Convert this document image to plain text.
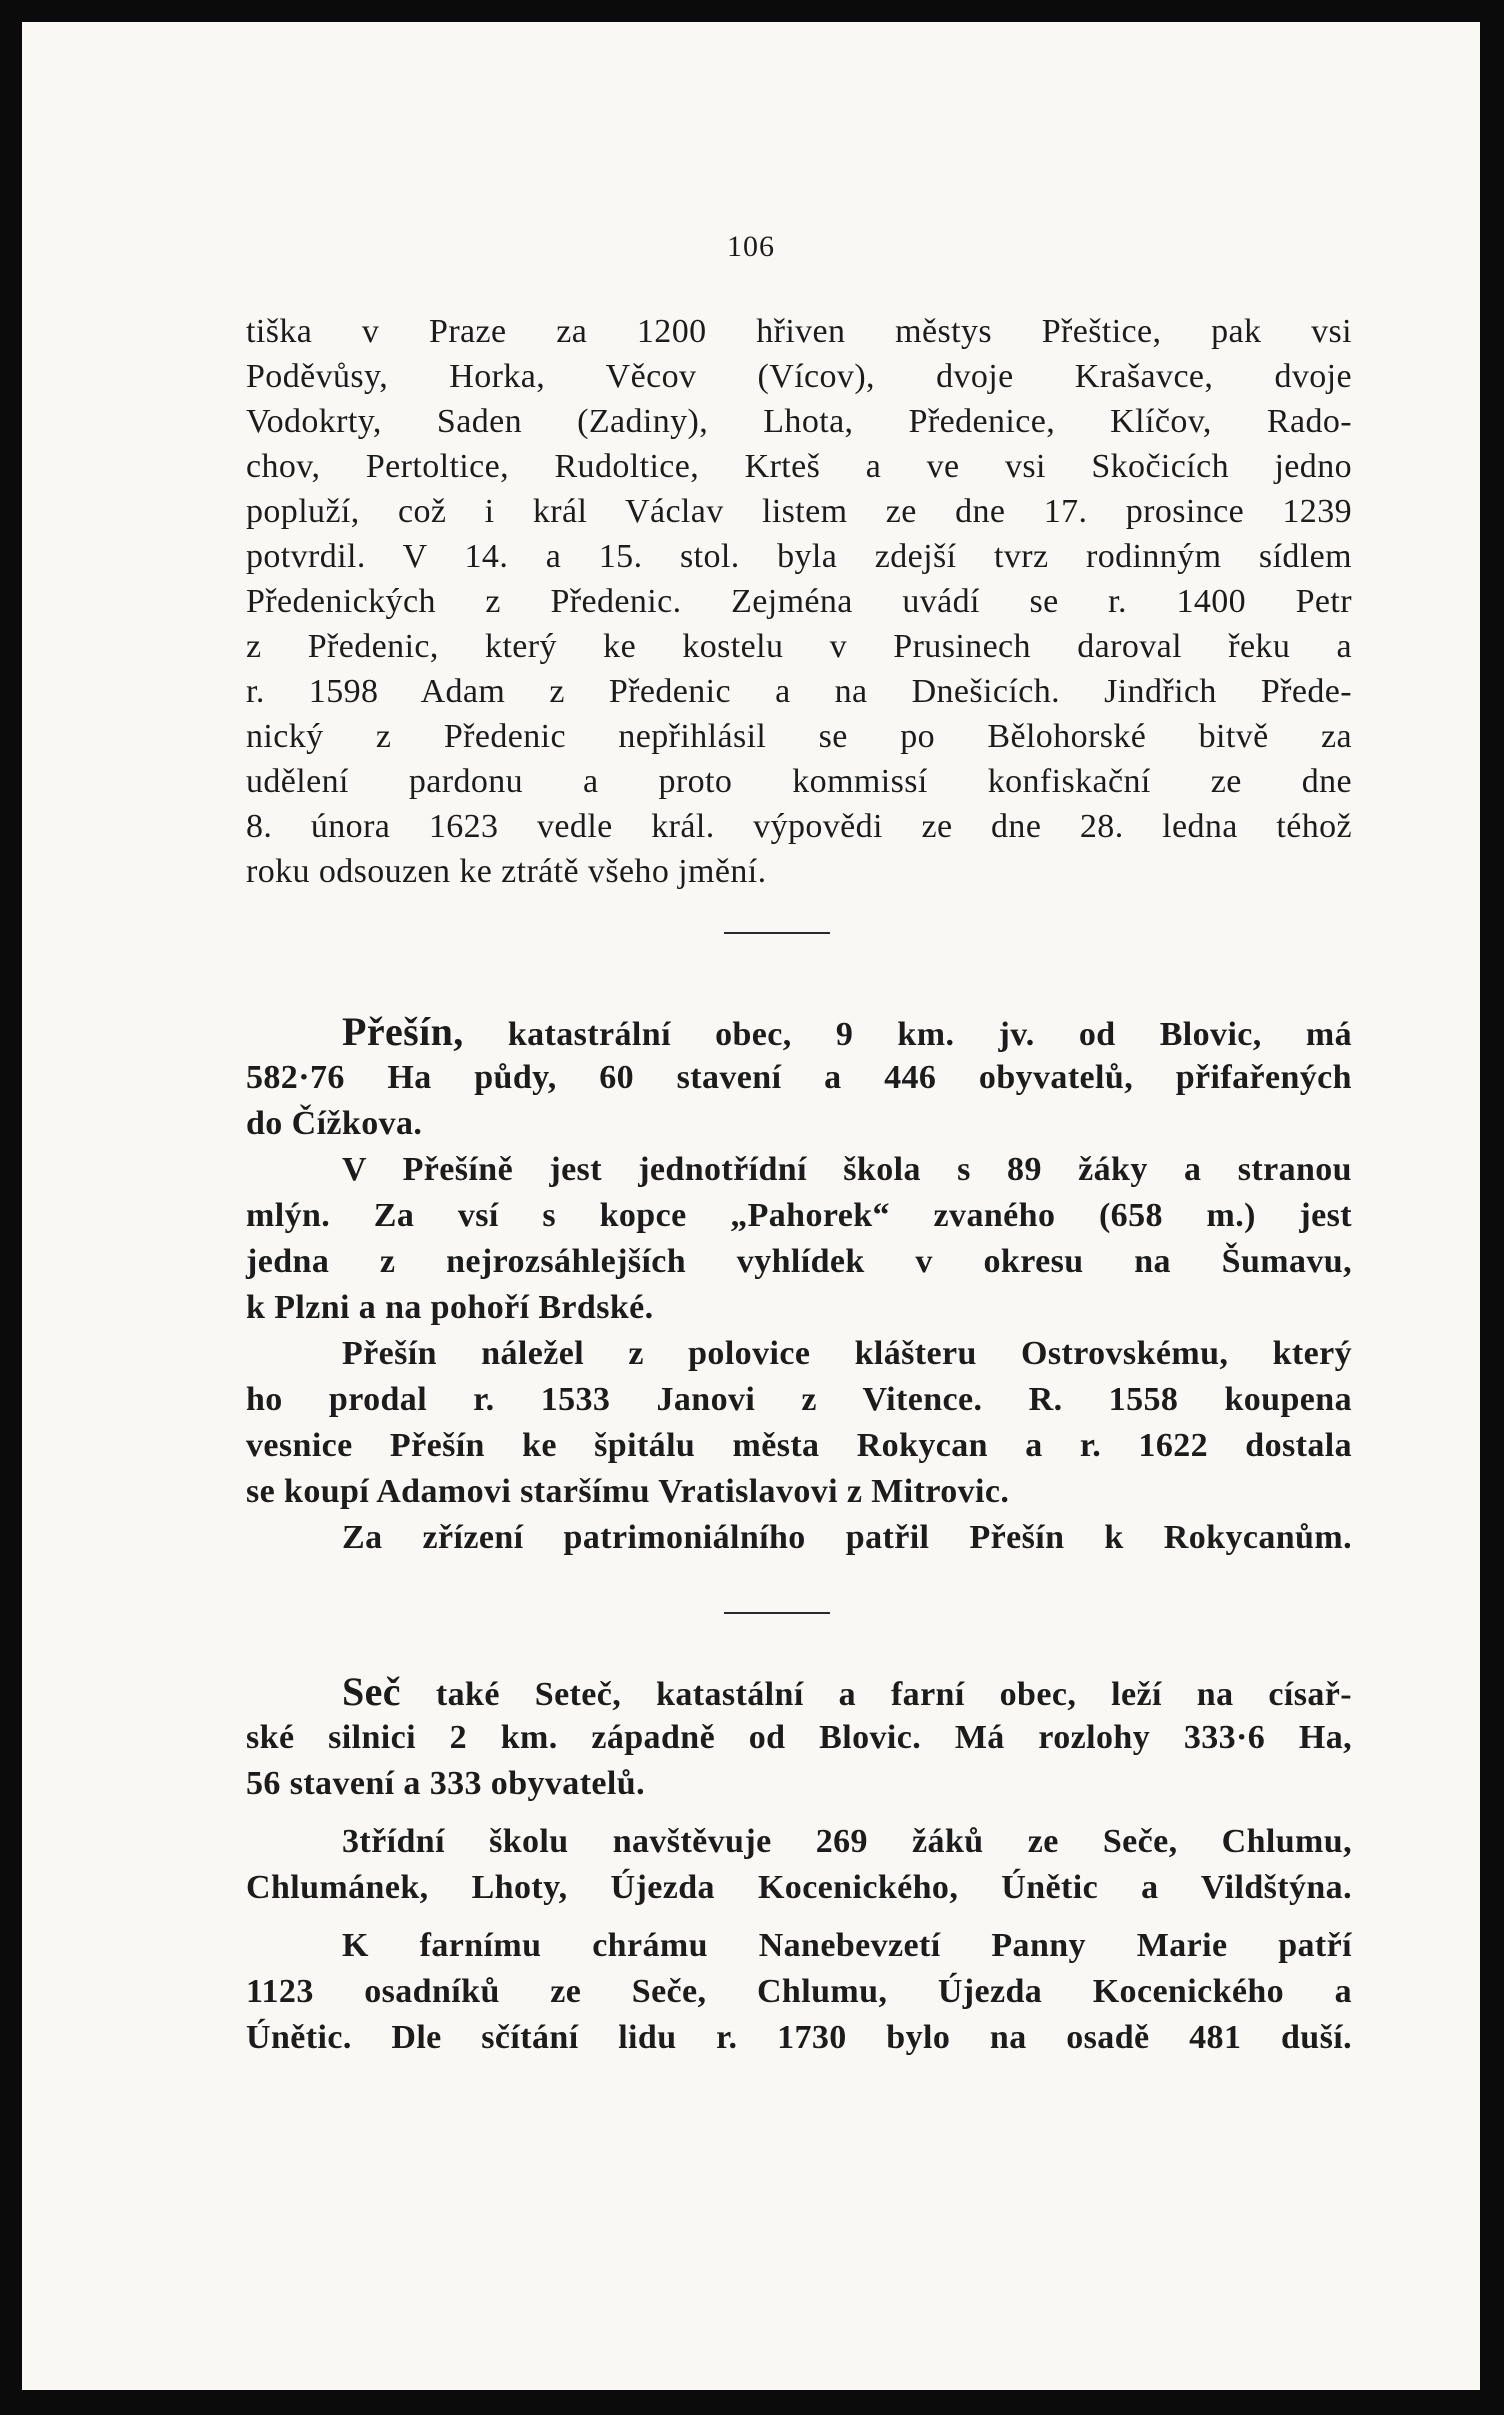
106
tiška v Praze za 1200 hřiven městys Přeštice, pak vsi
Poděvůsy, Horka, Věcov (Vícov), dvoje Krašavce, dvoje
Vodokrty, Saden (Zadiny), Lhota, Předenice, Klíčov, Rado-
chov, Pertoltice, Rudoltice, Krteš a ve vsi Skočicích jedno
popluží, což i král Václav listem ze dne 17. prosince 1239
potvrdil. V 14. a 15. stol. byla zdejší tvrz rodinným sídlem
Předenických z Předenic. Zejména uvádí se r. 1400 Petr
z Předenic, který ke kostelu v Prusinech daroval řeku a
r. 1598 Adam z Předenic a na Dnešicích. Jindřich Přede-
nický z Předenic nepřihlásil se po Bělohorské bitvě za
udělení pardonu a proto kommissí konfiskační ze dne
8. února 1623 vedle král. výpovědi ze dne 28. ledna téhož
roku odsouzen ke ztrátě všeho jmění.
Přešín, katastrální obec, 9 km. jv. od Blovic, má
582·76 Ha půdy, 60 stavení a 446 obyvatelů, přifařených
do Čížkova.
V Přešíně jest jednotřídní škola s 89 žáky a stranou
mlýn. Za vsí s kopce „Pahorek“ zvaného (658 m.) jest
jedna z nejrozsáhlejších vyhlídek v okresu na Šumavu,
k Plzni a na pohoří Brdské.
Přešín náležel z polovice klášteru Ostrovskému, který
ho prodal r. 1533 Janovi z Vitence. R. 1558 koupena
vesnice Přešín ke špitálu města Rokycan a r. 1622 dostala
se koupí Adamovi staršímu Vratislavovi z Mitrovic.
Za zřízení patrimoniálního patřil Přešín k Rokycanům.
Seč také Seteč, katastální a farní obec, leží na císař-
ské silnici 2 km. západně od Blovic. Má rozlohy 333·6 Ha,
56 stavení a 333 obyvatelů.
3třídní školu navštěvuje 269 žáků ze Seče, Chlumu,
Chlumánek, Lhoty, Újezda Kocenického, Únětic a Vildštýna.
K farnímu chrámu Nanebevzetí Panny Marie patří
1123 osadníků ze Seče, Chlumu, Újezda Kocenického a
Únětic. Dle sčítání lidu r. 1730 bylo na osadě 481 duší.
